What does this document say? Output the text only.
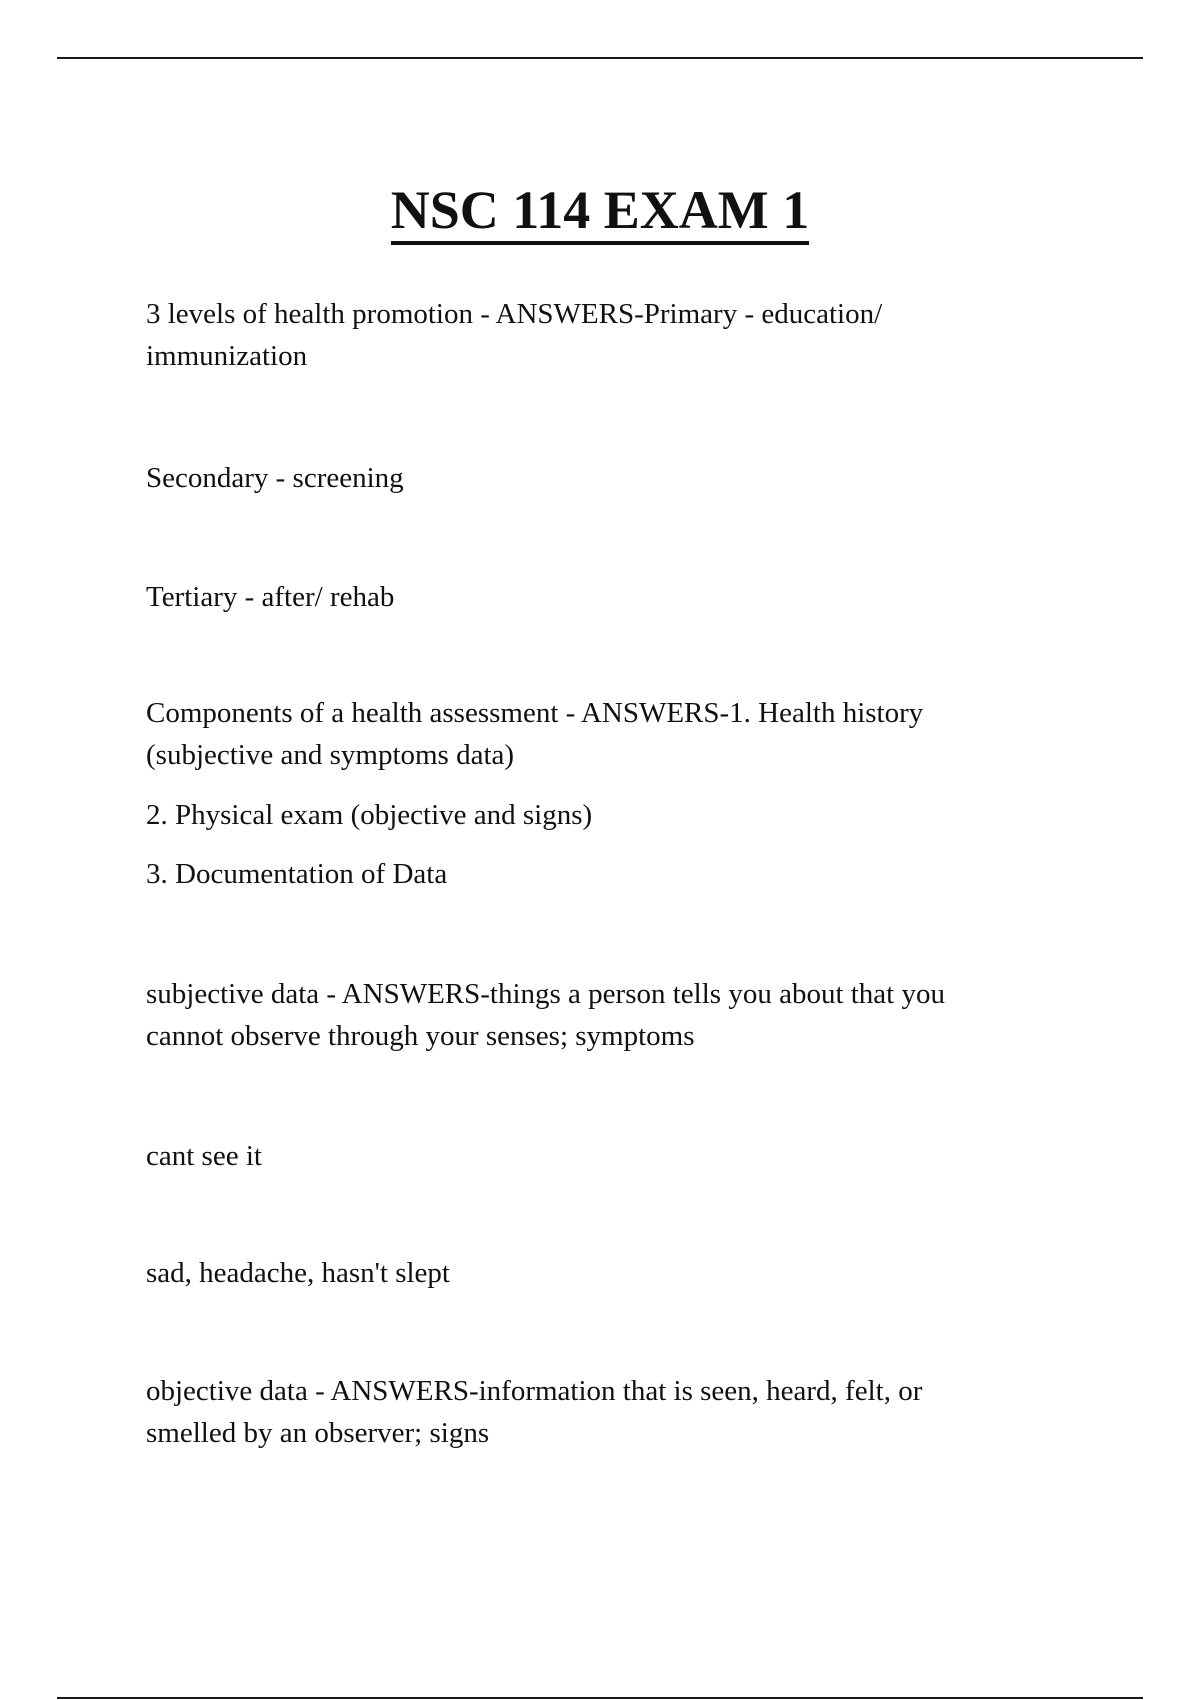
NSC 114 EXAM 1

3 levels of health promotion - ANSWERS-Primary - education/
immunization

Secondary - screening

Tertiary - after/ rehab

Components of a health assessment - ANSWERS-1. Health history
(subjective and symptoms data)

2. Physical exam (objective and signs)

3. Documentation of Data

subjective data - ANSWERS-things a person tells you about that you
cannot observe through your senses; symptoms

cant see it

sad, headache, hasn't slept

objective data - ANSWERS-information that is seen, heard, felt, or
smelled by an observer; signs
